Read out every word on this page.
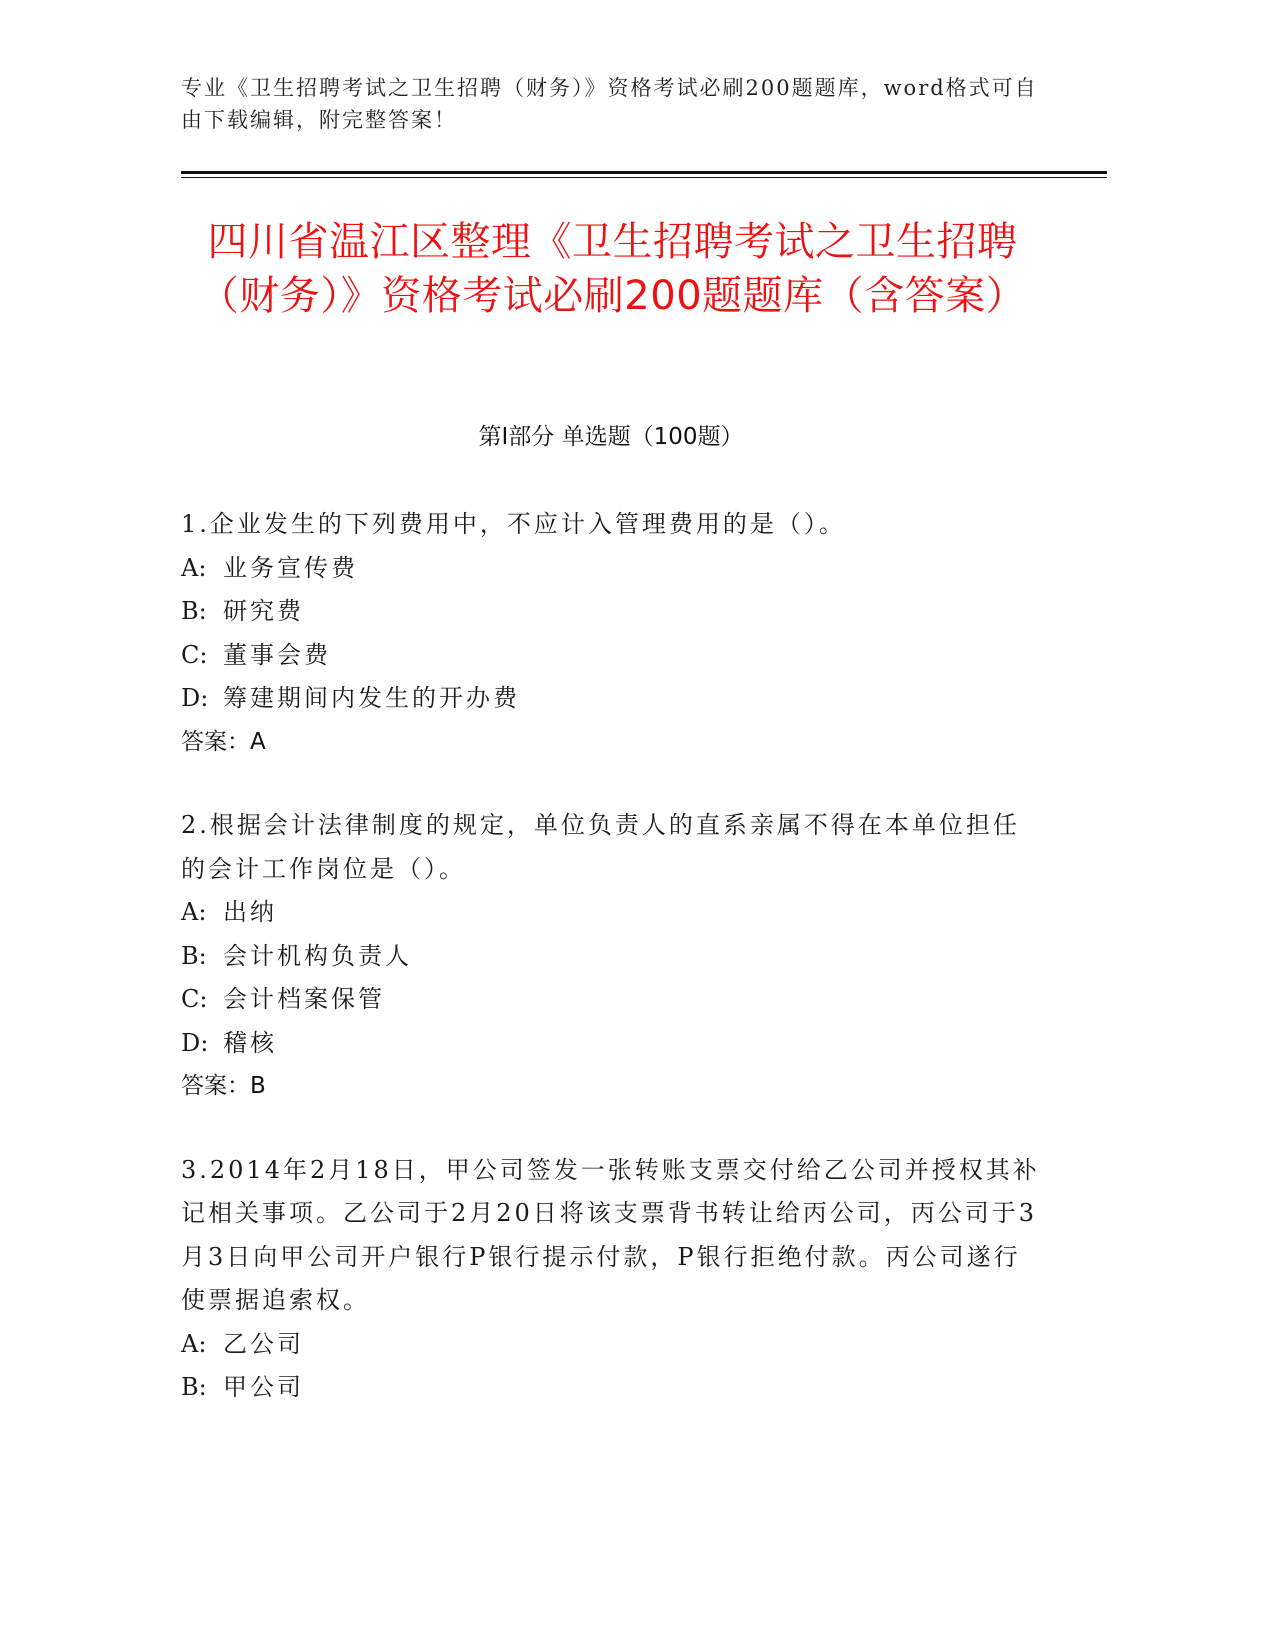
专业《卫生招聘考试之卫生招聘（财务）》资格考试必刷200题题库，word格式可自由下载编辑，附完整答案！
四川省温江区整理《卫生招聘考试之卫生招聘（财务）》资格考试必刷200题题库（含答案）
第I部分 单选题（100题）
1.企业发生的下列费用中，不应计入管理费用的是（）。
A: 业务宣传费
B: 研究费
C: 董事会费
D: 筹建期间内发生的开办费
答案：A
2.根据会计法律制度的规定，单位负责人的直系亲属不得在本单位担任的会计工作岗位是（）。
A: 出纳
B: 会计机构负责人
C: 会计档案保管
D: 稽核
答案：B
3.2014年2月18日，甲公司签发一张转账支票交付给乙公司并授权其补记相关事项。乙公司于2月20日将该支票背书转让给丙公司，丙公司于3月3日向甲公司开户银行P银行提示付款，P银行拒绝付款。丙公司遂行使票据追索权。
A: 乙公司
B: 甲公司
